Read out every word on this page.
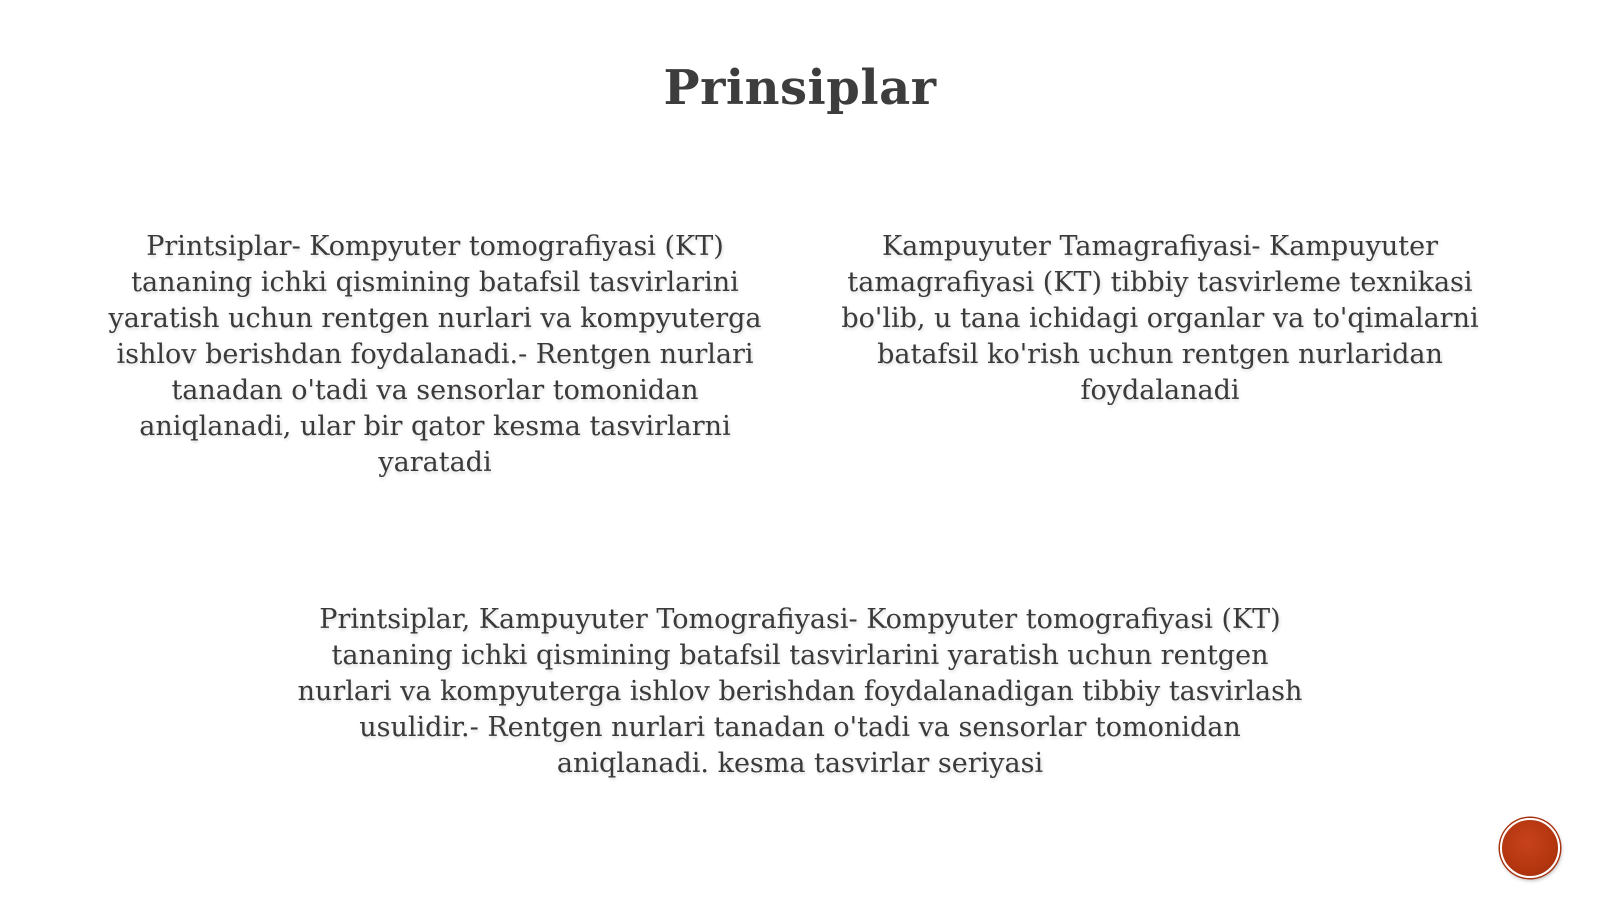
Prinsiplar

Printsiplar- Kompyuter tomografiyasi (KT) tananing ichki qismining batafsil tasvirlarini yaratish uchun rentgen nurlari va kompyuterga ishlov berishdan foydalanadi.- Rentgen nurlari tanadan o'tadi va sensorlar tomonidan aniqlanadi, ular bir qator kesma tasvirlarni yaratadi

Kampuyuter Tamagrafiyasi- Kampuyuter tamagrafiyasi (KT) tibbiy tasvirleme texnikasi bo'lib, u tana ichidagi organlar va to'qimalarni batafsil ko'rish uchun rentgen nurlaridan foydalanadi

Printsiplar, Kampuyuter Tomografiyasi- Kompyuter tomografiyasi (KT) tananing ichki qismining batafsil tasvirlarini yaratish uchun rentgen nurlari va kompyuterga ishlov berishdan foydalanadigan tibbiy tasvirlash usulidir.- Rentgen nurlari tanadan o'tadi va sensorlar tomonidan aniqlanadi. kesma tasvirlar seriyasi
